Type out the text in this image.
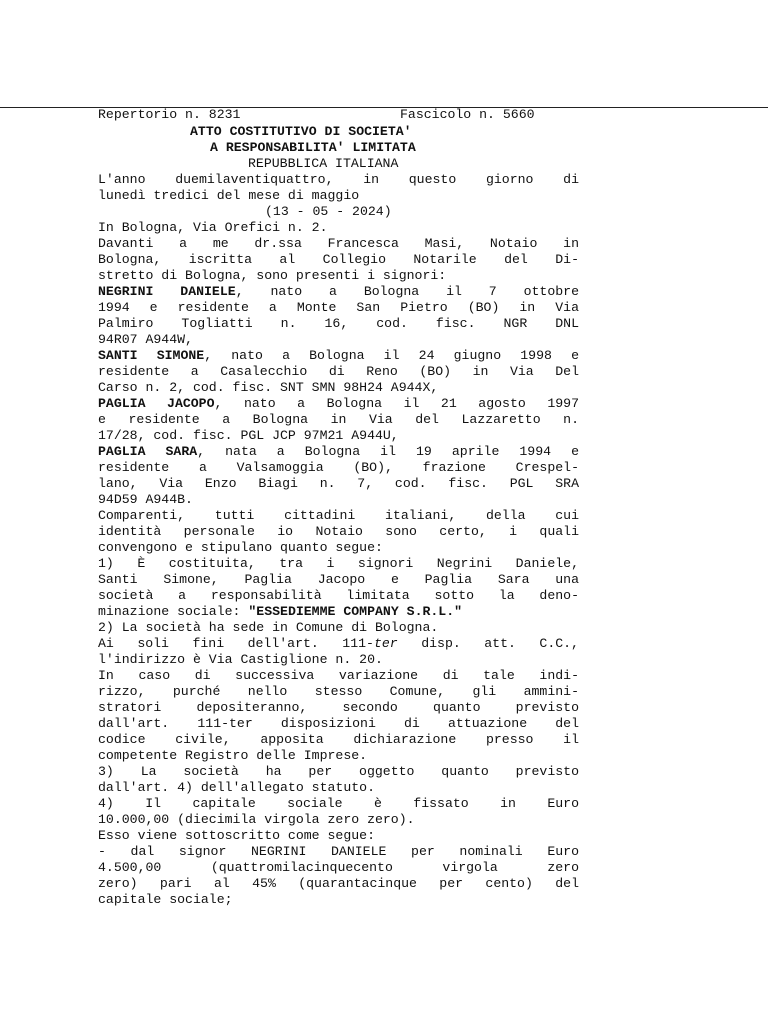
Repertorio n. 8231

	Fascicolo n. 5660

ATTO COSTITUTIVO DI SOCIETA'
A RESPONSABILITA' LIMITATA
REPUBBLICA ITALIANA
L'anno duemilaventiquattro, in questo giorno di
lunedì tredici del mese di maggio
(13 - 05 - 2024)
In Bologna, Via Orefici n. 2.
Davanti a me dr.ssa Francesca Masi, Notaio in
Bologna, iscritta al Collegio Notarile del Di-
stretto di Bologna, sono presenti i signori:
NEGRINI DANIELE, nato a Bologna il 7 ottobre
1994 e residente a Monte San Pietro (BO) in Via
Palmiro Togliatti n. 16, cod. fisc. NGR DNL
94R07 A944W,
SANTI SIMONE, nato a Bologna il 24 giugno 1998 e
residente a Casalecchio di Reno (BO) in Via Del
Carso n. 2, cod. fisc. SNT SMN 98H24 A944X,
PAGLIA JACOPO, nato a Bologna il 21 agosto 1997
e residente a Bologna in Via del Lazzaretto n.
17/28, cod. fisc. PGL JCP 97M21 A944U,
PAGLIA SARA, nata a Bologna il 19 aprile 1994 e
residente a Valsamoggia (BO), frazione Crespel-
lano, Via Enzo Biagi n. 7, cod. fisc. PGL SRA
94D59 A944B.
Comparenti, tutti cittadini italiani, della cui
identità personale io Notaio sono certo, i quali
convengono e stipulano quanto segue:
1) È costituita, tra i signori Negrini Daniele,
Santi Simone, Paglia Jacopo e Paglia Sara una
società a responsabilità limitata sotto la deno-
minazione sociale: "ESSEDIEMME COMPANY S.R.L."
2) La società ha sede in Comune di Bologna.
Ai soli fini dell'art. 111-ter disp. att. C.C.,
l'indirizzo è Via Castiglione n. 20.
In caso di successiva variazione di tale indi-
rizzo, purché nello stesso Comune, gli ammini-
stratori depositeranno, secondo quanto previsto
dall'art. 111-ter disposizioni di attuazione del
codice civile, apposita dichiarazione presso il
competente Registro delle Imprese.
3) La società ha per oggetto quanto previsto
dall'art. 4) dell'allegato statuto.
4) Il capitale sociale è fissato in Euro
10.000,00 (diecimila virgola zero zero).
Esso viene sottoscritto come segue:
- dal signor NEGRINI DANIELE per nominali Euro
4.500,00 (quattromilacinquecento virgola zero
zero) pari al 45% (quarantacinque per cento) del
capitale sociale;
